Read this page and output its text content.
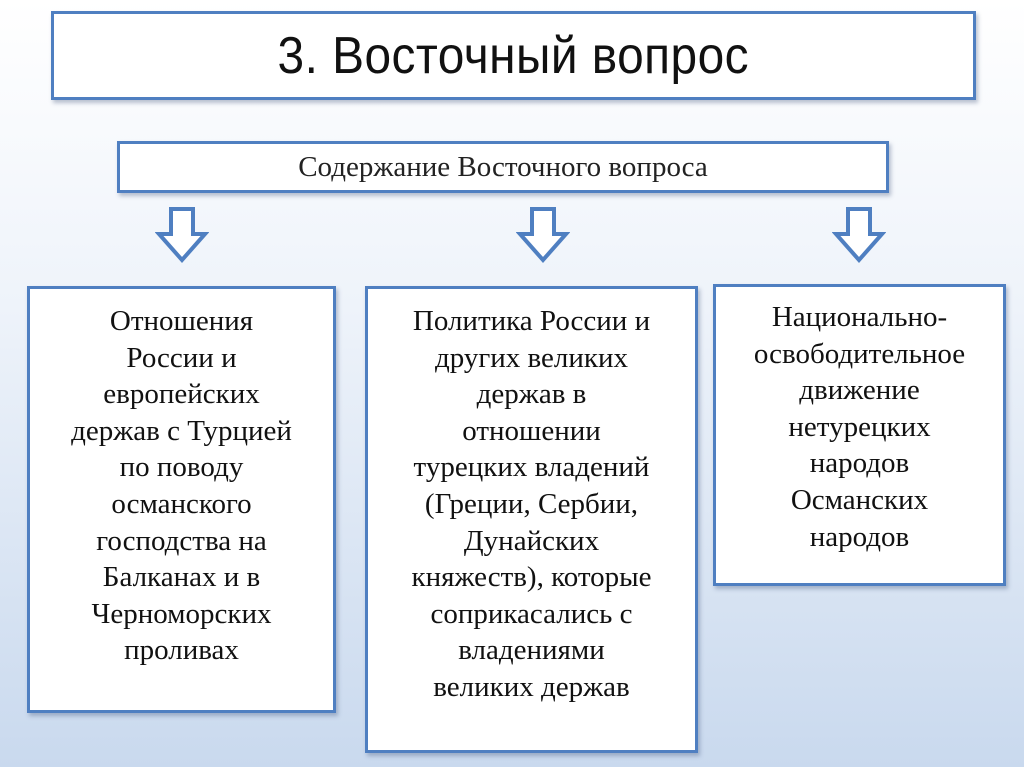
3. Восточный вопрос
Содержание Восточного вопроса
Отношения
России и
европейских
держав с Турцией
по поводу
османского
господства на
Балканах и в
Черноморских
проливах
Политика России и
других великих
держав в
отношении
турецких владений
(Греции, Сербии,
Дунайских
княжеств), которые
соприкасались с
владениями
великих держав
Национально-
освободительное
движение
нетурецких
народов
Османских
народов
